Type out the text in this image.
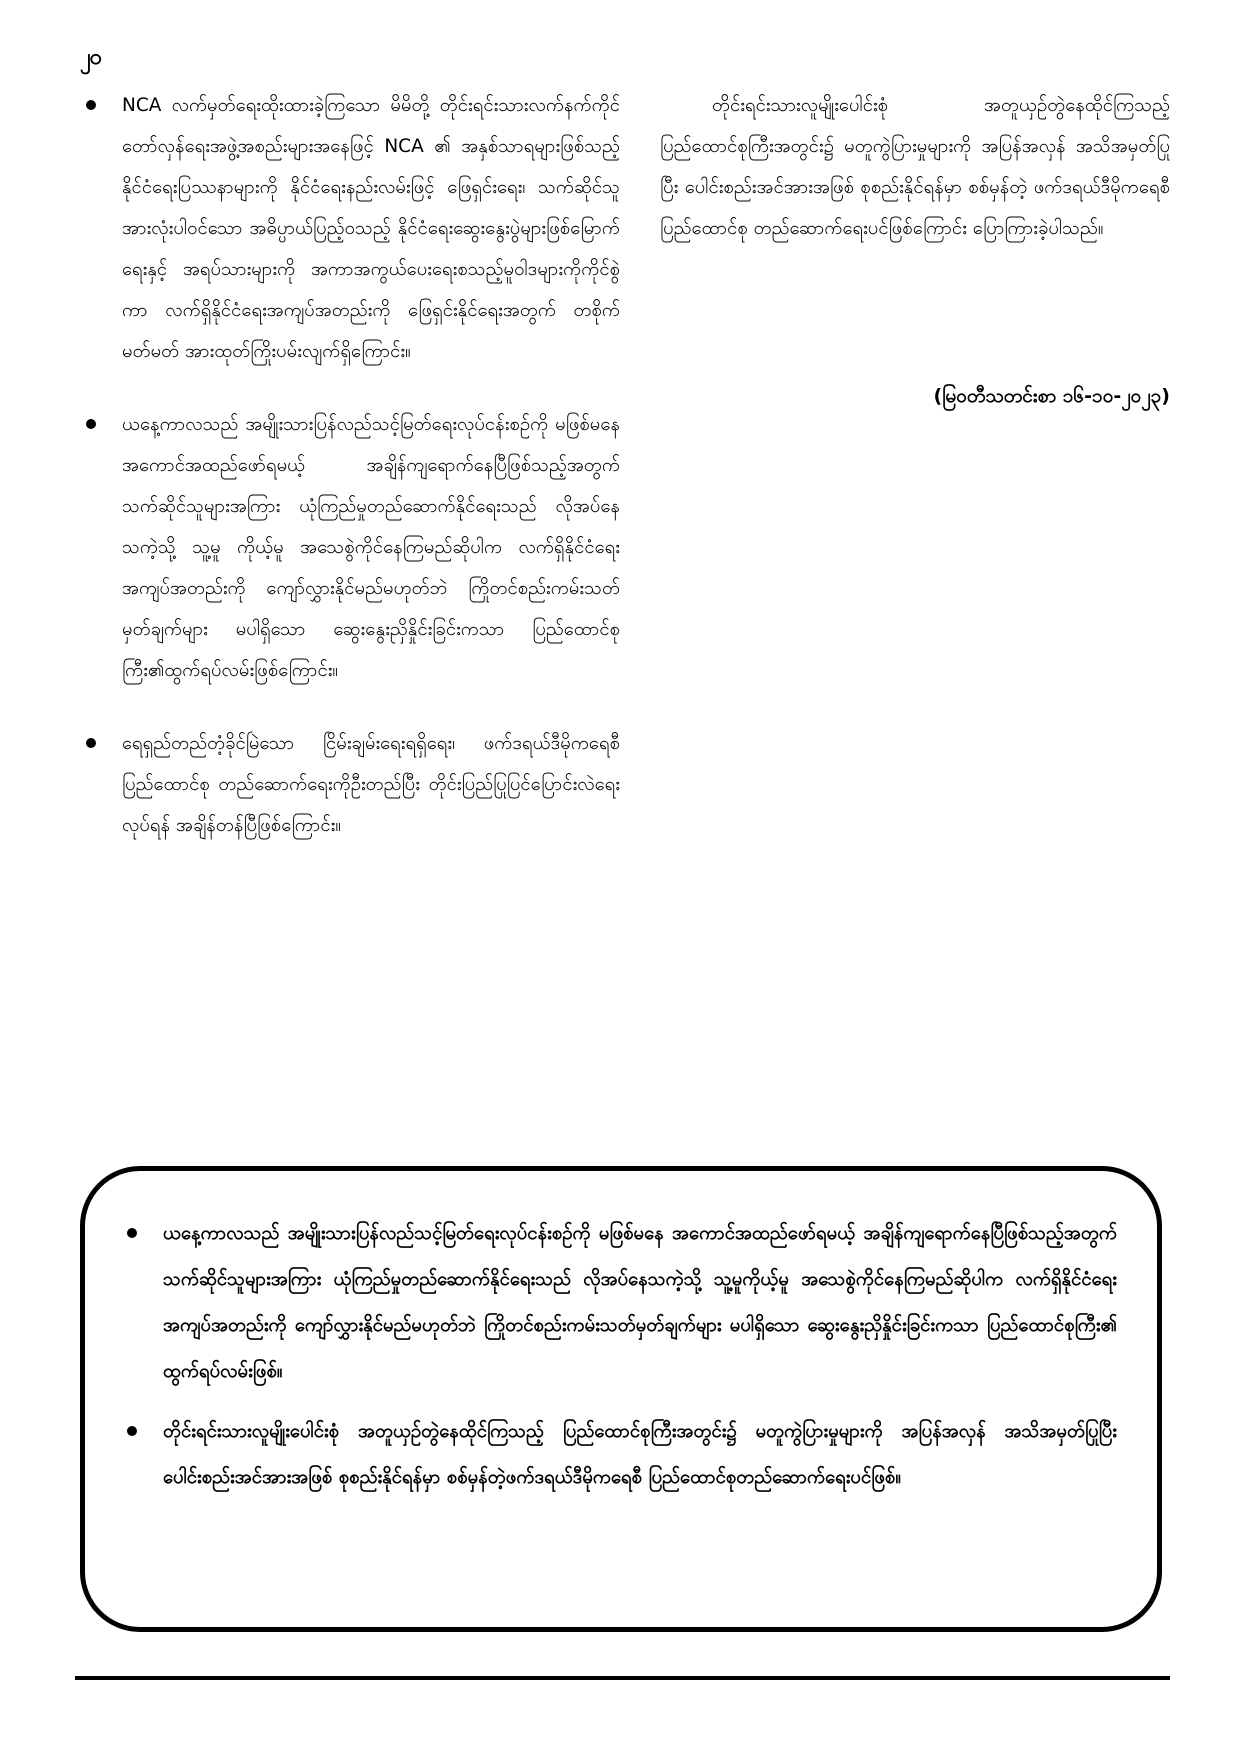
၂၀
NCA လက်မှတ်ရေးထိုးထားခဲ့ကြသော မိမိတို့ တိုင်းရင်းသားလက်နက်ကိုင် တော်လှန်ရေးအဖွဲ့အစည်းများအနေဖြင့် NCA ၏ အနှစ်သာရများဖြစ်သည့် နိုင်ငံရေးပြဿနာများကို နိုင်ငံရေးနည်းလမ်းဖြင့် ဖြေရှင်းရေး၊ သက်ဆိုင်သူအားလုံးပါဝင်သော အဓိပ္ပာယ်ပြည့်ဝသည့် နိုင်ငံရေးဆွေးနွေးပွဲများဖြစ်မြောက်ရေးနှင့် အရပ်သားများကို အကာအကွယ်ပေးရေးစသည့်မူဝါဒများကိုကိုင်စွဲကာ လက်ရှိနိုင်ငံရေးအကျပ်အတည်းကို ဖြေရှင်းနိုင်ရေးအတွက် တစိုက်မတ်မတ် အားထုတ်ကြိုးပမ်းလျက်ရှိကြောင်း။
ယနေ့ကာလသည် အမျိုးသားပြန်လည်သင့်မြတ်ရေးလုပ်ငန်းစဉ်ကို မဖြစ်မနေ အကောင်အထည်ဖော်ရမယ့် အချိန်ကျရောက်နေပြီဖြစ်သည့်အတွက် သက်ဆိုင်သူများအကြား ယုံကြည်မှုတည်ဆောက်နိုင်ရေးသည် လိုအပ်နေသကဲ့သို့ သူ့မူ ကိုယ့်မူ အသေစွဲကိုင်နေကြမည်ဆိုပါက လက်ရှိနိုင်ငံရေးအကျပ်အတည်းကို ကျော်လွှားနိုင်မည်မဟုတ်ဘဲ ကြိုတင်စည်းကမ်းသတ်မှတ်ချက်များ မပါရှိသော ဆွေးနွေးညှိနှိုင်းခြင်းကသာ ပြည်ထောင်စုကြီး၏ထွက်ရပ်လမ်းဖြစ်ကြောင်း။
ရေရှည်တည်တံ့ခိုင်မြဲသော ငြိမ်းချမ်းရေးရရှိရေး၊ ဖက်ဒရယ်ဒီမိုကရေစီ ပြည်ထောင်စု တည်ဆောက်ရေးကိုဦးတည်ပြီး တိုင်းပြည်ပြုပြင်ပြောင်းလဲရေးလုပ်ရန် အချိန်တန်ပြီဖြစ်ကြောင်း။

တိုင်းရင်းသားလူမျိုးပေါင်းစုံ အတူယှဉ်တွဲနေထိုင်ကြသည့် ပြည်ထောင်စုကြီးအတွင်း၌ မတူကွဲပြားမှုများကို အပြန်အလှန် အသိအမှတ်ပြုပြီး ပေါင်းစည်းအင်အားအဖြစ် စုစည်းနိုင်ရန်မှာ စစ်မှန်တဲ့ ဖက်ဒရယ်ဒီမိုကရေစီ ပြည်ထောင်စု တည်ဆောက်ရေးပင်ဖြစ်ကြောင်း ပြောကြားခဲ့ပါသည်။

(မြဝတီသတင်းစာ ၁၆-၁၀-၂၀၂၃)
ယနေ့ကာလသည် အမျိုးသားပြန်လည်သင့်မြတ်ရေးလုပ်ငန်းစဉ်ကို မဖြစ်မနေ အကောင်အထည်ဖော်ရမယ့် အချိန်ကျရောက်နေပြီဖြစ်သည့်အတွက် သက်ဆိုင်သူများအကြား ယုံကြည်မှုတည်ဆောက်နိုင်ရေးသည် လိုအပ်နေသကဲ့သို့ သူ့မူကိုယ့်မူ အသေစွဲကိုင်နေကြမည်ဆိုပါက လက်ရှိနိုင်ငံရေးအကျပ်အတည်းကို ကျော်လွှားနိုင်မည်မဟုတ်ဘဲ ကြိုတင်စည်းကမ်းသတ်မှတ်ချက်များ မပါရှိသော ဆွေးနွေးညှိနှိုင်းခြင်းကသာ ပြည်ထောင်စုကြီး၏ ထွက်ရပ်လမ်းဖြစ်။
တိုင်းရင်းသားလူမျိုးပေါင်းစုံ အတူယှဉ်တွဲနေထိုင်ကြသည့် ပြည်ထောင်စုကြီးအတွင်း၌ မတူကွဲပြားမှုများကို အပြန်အလှန် အသိအမှတ်ပြုပြီး ပေါင်းစည်းအင်အားအဖြစ် စုစည်းနိုင်ရန်မှာ စစ်မှန်တဲ့ဖက်ဒရယ်ဒီမိုကရေစီ ပြည်ထောင်စုတည်ဆောက်ရေးပင်ဖြစ်။
